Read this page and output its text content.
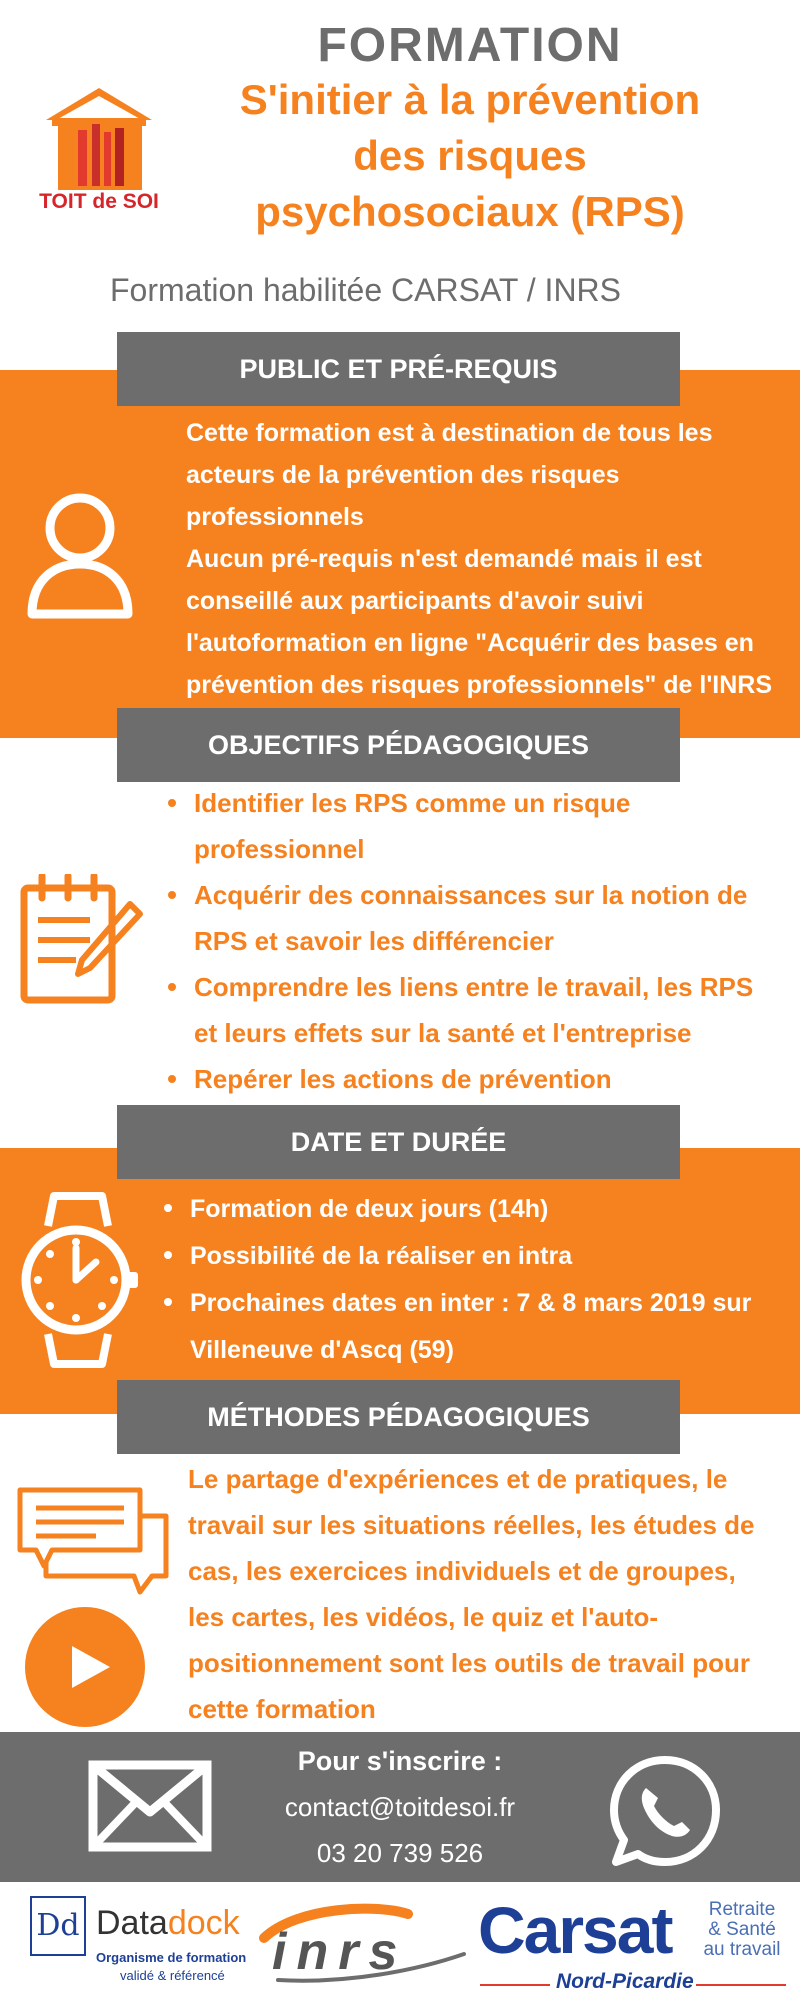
TOIT de SOI
FORMATION
S'initier à la prévention
des risques
psychosociaux (RPS)
Formation habilitée CARSAT / INRS
PUBLIC ET PRÉ-REQUIS
Cette formation est à destination de tous les
acteurs de la prévention des risques
professionnels
Aucun pré-requis n'est demandé mais il est
conseillé aux participants d'avoir suivi
l'autoformation en ligne "Acquérir des bases en
prévention des risques professionnels" de l'INRS
OBJECTIFS PÉDAGOGIQUES
Identifier les RPS comme un risque
professionnel
Acquérir des connaissances sur la notion de
RPS et savoir les différencier
Comprendre les liens entre le travail, les RPS
et leurs effets sur la santé et l'entreprise
Repérer les actions de prévention
DATE ET DURÉE
Formation de deux jours (14h)
Possibilité de la réaliser en intra
Prochaines dates en inter : 7 & 8 mars 2019 sur
Villeneuve d'Ascq (59)
MÉTHODES PÉDAGOGIQUES
Le partage d'expériences et de pratiques, le
travail sur les situations réelles, les études de
cas, les exercices individuels et de groupes,
les cartes, les vidéos, le quiz et l'auto-
positionnement sont les outils de travail pour
cette formation
Pour s'inscrire :
contact@toitdesoi.fr
03 20 739 526
Dd Datadock
Organisme de formation
validé & référencé inrs Carsat	Retraite
& Santé
au travail
Nord-Picardie
